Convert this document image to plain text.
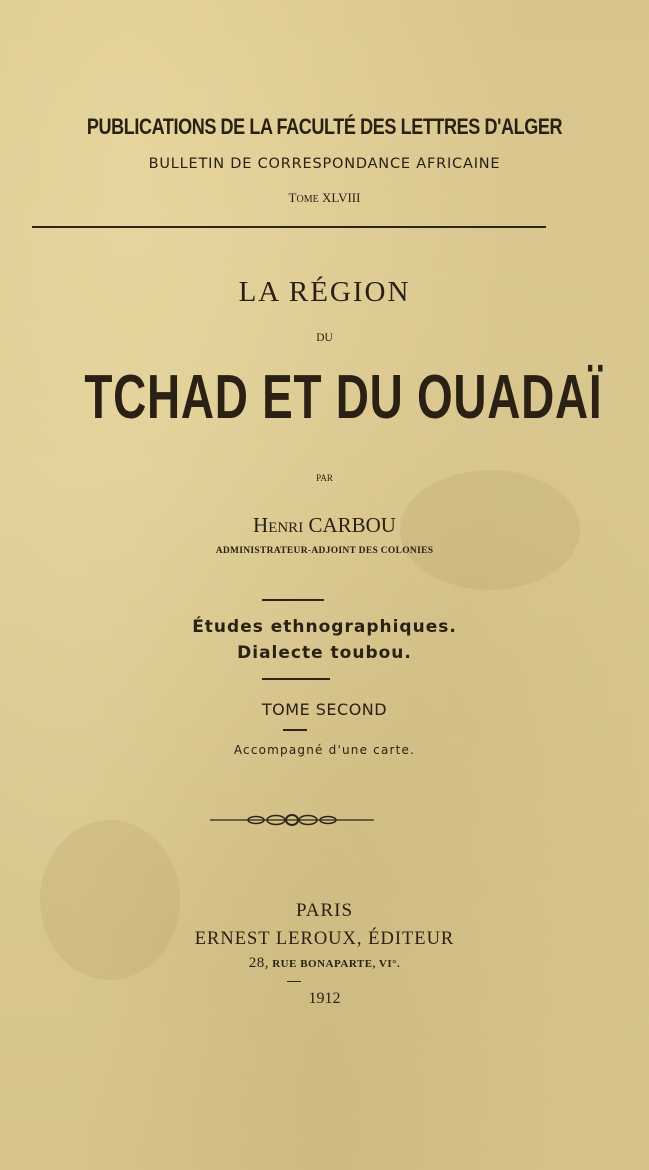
PUBLICATIONS DE LA FACULTÉ DES LETTRES D'ALGER
BULLETIN DE CORRESPONDANCE AFRICAINE
TOME XLVIII
LA RÉGION
DU
TCHAD ET DU OUADAÏ
PAR
HENRI CARBOU
ADMINISTRATEUR-ADJOINT DES COLONIES
Études ethnographiques.
Dialecte toubou.
TOME SECOND
Accompagné d'une carte.
PARIS
ERNEST LEROUX, ÉDITEUR
28, RUE BONAPARTE, VI°.
1912
